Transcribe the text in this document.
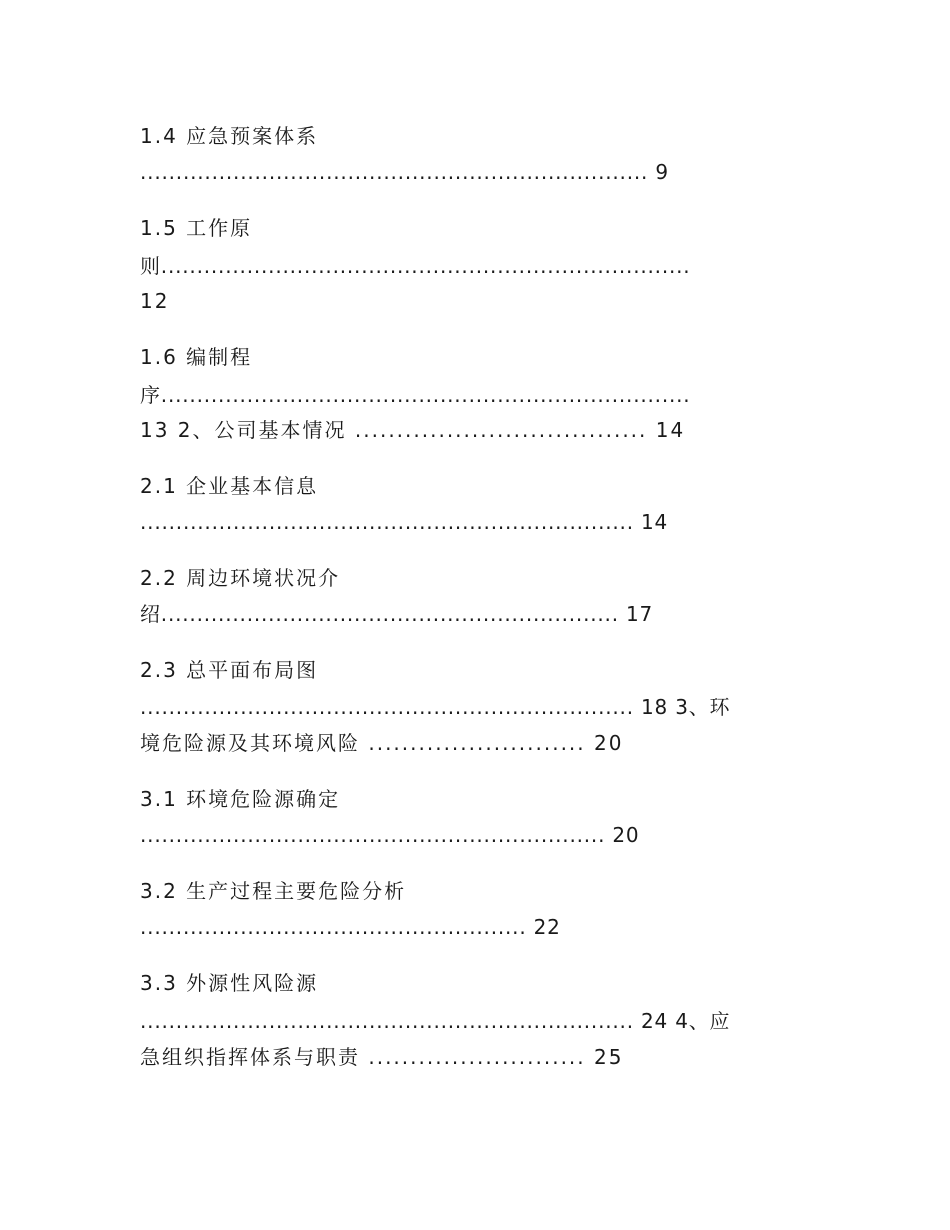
1.4 应急预案体系

....................................................................... 9

1.5 工作原

则..........................................................................

12

1.6 编制程

序..........................................................................

13 2、公司基本情况 ................................... 14

2.1 企业基本信息

..................................................................... 14

2.2 周边环境状况介

绍................................................................ 17

2.3 总平面布局图

..................................................................... 18 3、环

境危险源及其环境风险 .......................... 20

3.1 环境危险源确定

................................................................. 20

3.2 生产过程主要危险分析

...................................................... 22

3.3 外源性风险源

..................................................................... 24 4、应

急组织指挥体系与职责 .......................... 25
